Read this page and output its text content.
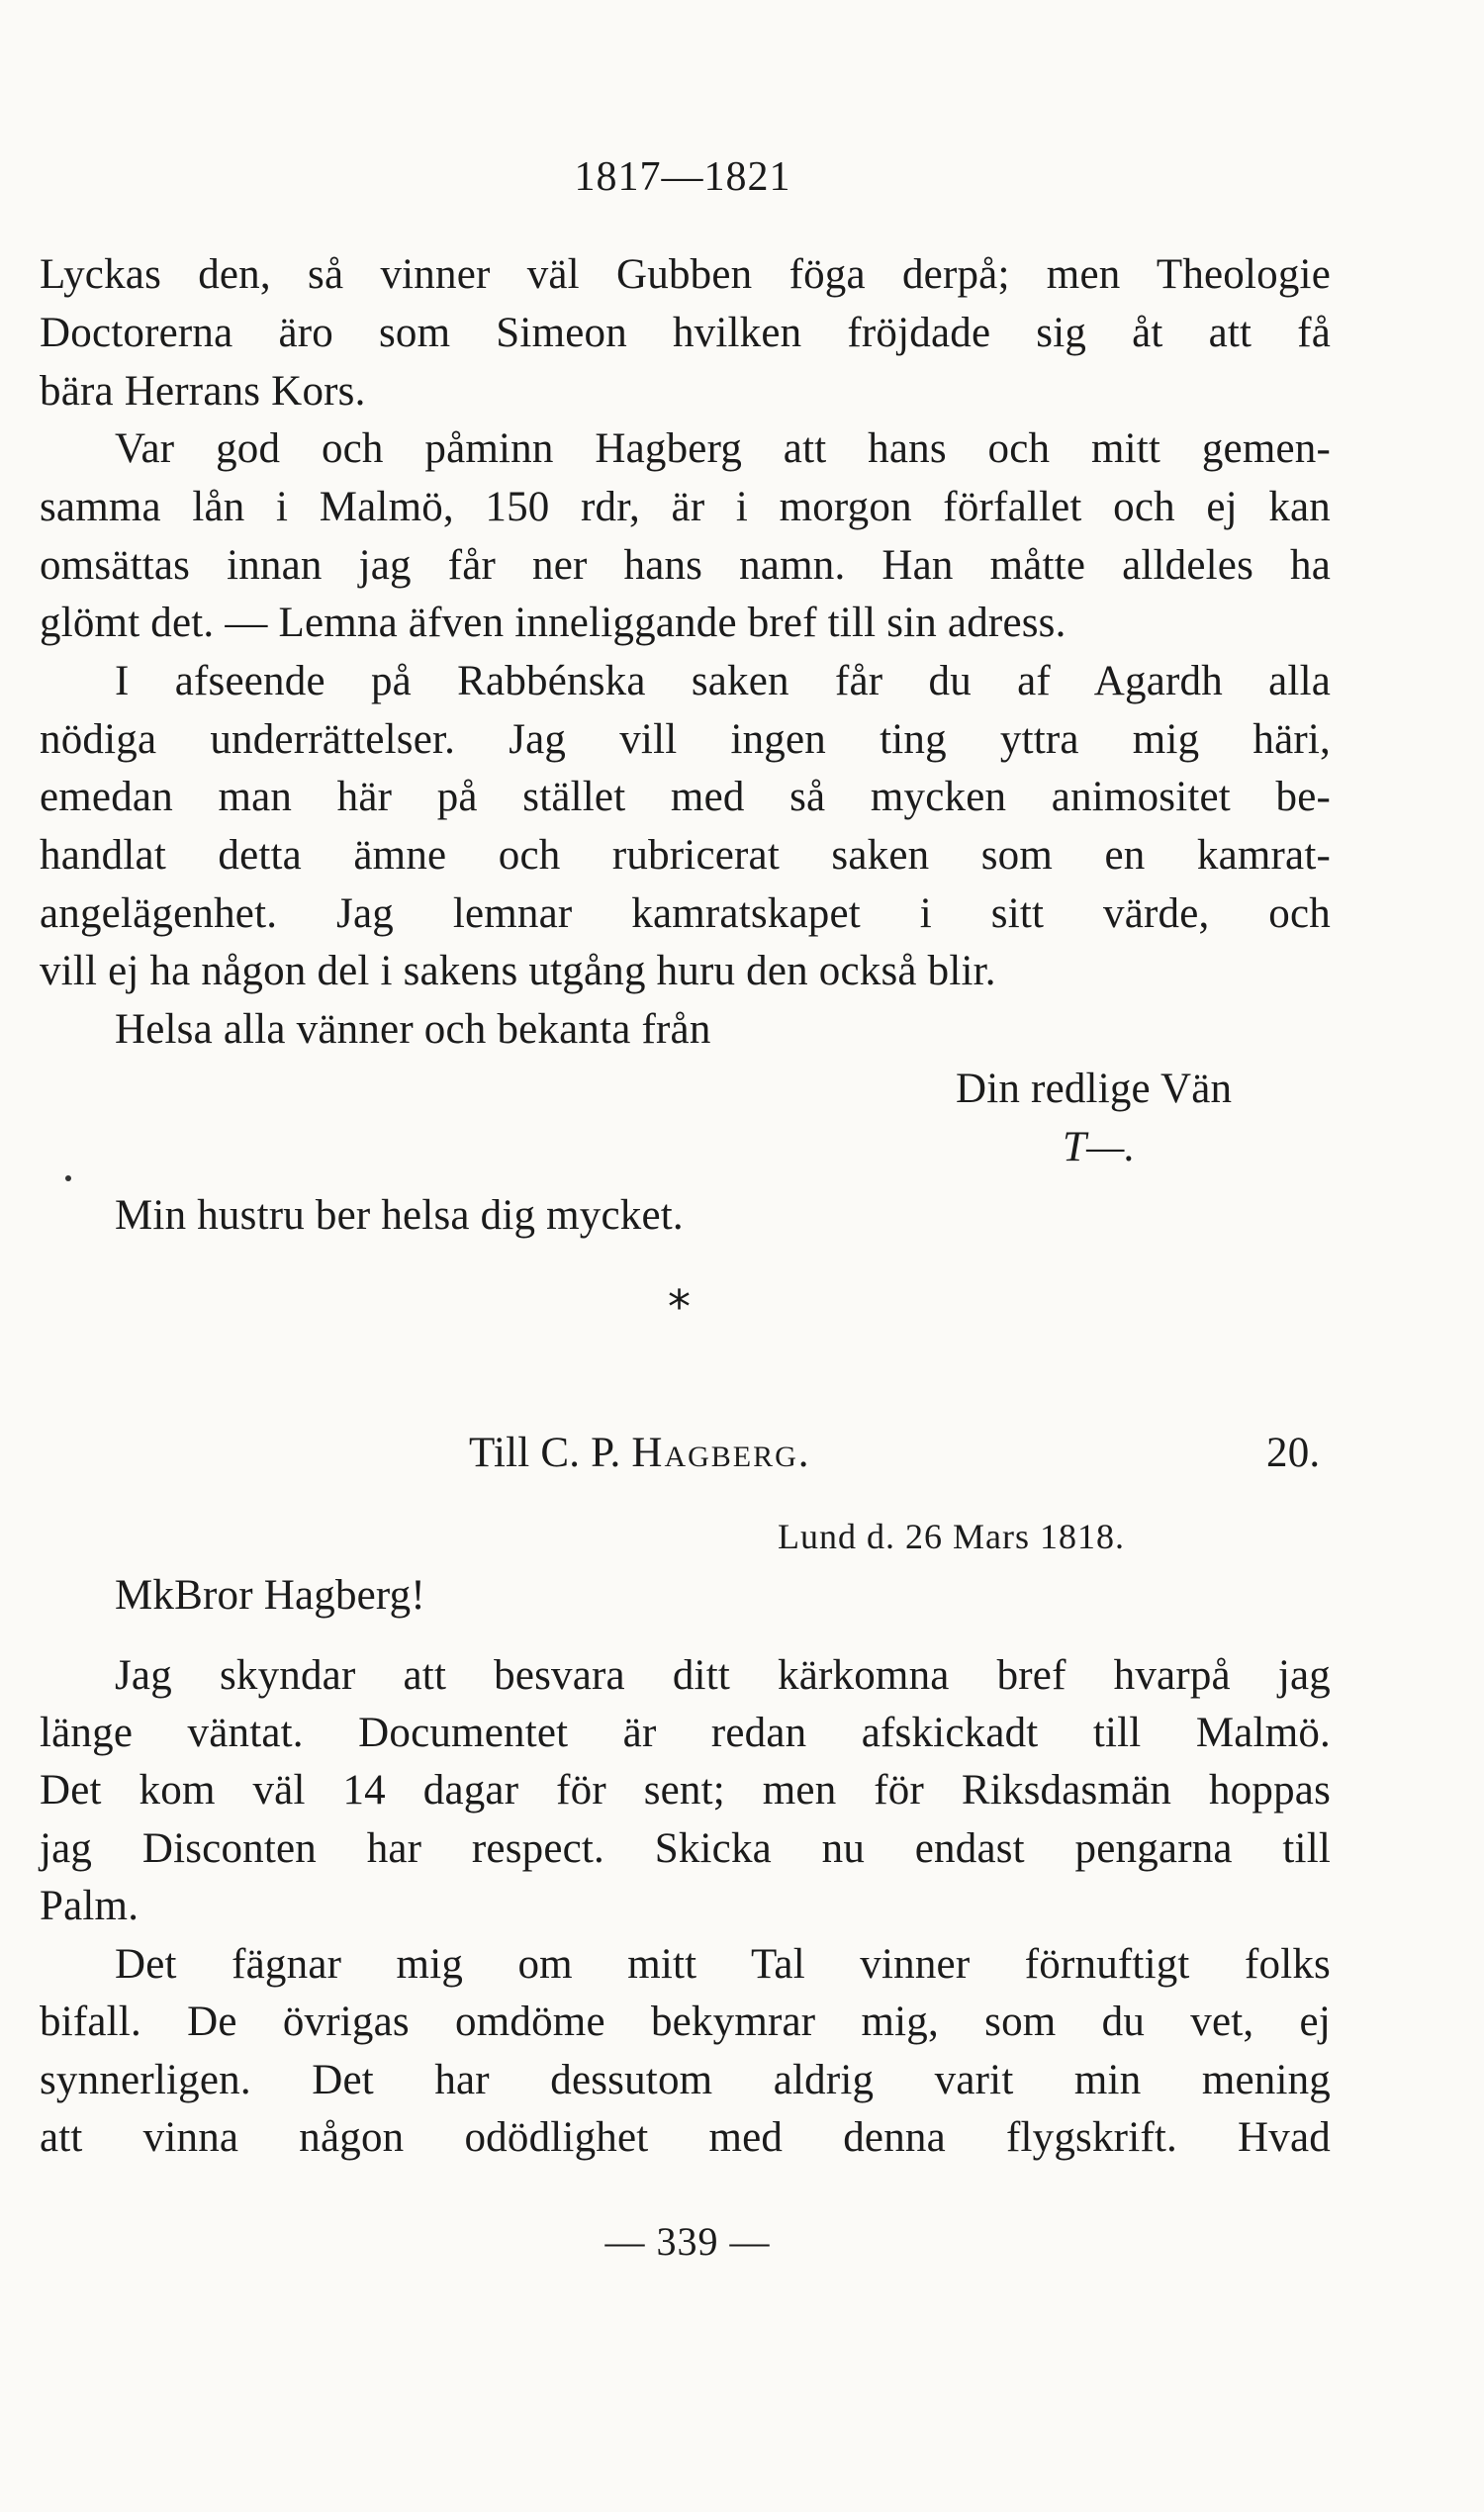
1817—1821
Lyckas den, så vinner väl Gubben föga derpå; men Theologie
Doctorerna äro som Simeon hvilken fröjdade sig åt att få
bära Herrans Kors.
Var god och påminn Hagberg att hans och mitt gemen-
samma lån i Malmö, 150 rdr, är i morgon förfallet och ej kan
omsättas innan jag får ner hans namn. Han måtte alldeles ha
glömt det. — Lemna äfven inneliggande bref till sin adress.
I afseende på Rabbénska saken får du af Agardh alla
nödiga underrättelser. Jag vill ingen ting yttra mig häri,
emedan man här på stället med så mycken animositet be-
handlat detta ämne och rubricerat saken som en kamrat-
angelägenhet. Jag lemnar kamratskapet i sitt värde, och
vill ej ha någon del i sakens utgång huru den också blir.
Helsa alla vänner och bekanta från
Din redlige Vän
T—.
Min hustru ber helsa dig mycket.
*
Till C. P. Hagberg.	20.
Lund d. 26 Mars 1818.
MkBror Hagberg!
Jag skyndar att besvara ditt kärkomna bref hvarpå jag
länge väntat. Documentet är redan afskickadt till Malmö.
Det kom väl 14 dagar för sent; men för Riksdasmän hoppas
jag Disconten har respect. Skicka nu endast pengarna till
Palm.
Det fägnar mig om mitt Tal vinner förnuftigt folks
bifall. De övrigas omdöme bekymrar mig, som du vet, ej
synnerligen. Det har dessutom aldrig varit min mening
att vinna någon odödlighet med denna flygskrift. Hvad
— 339 —
